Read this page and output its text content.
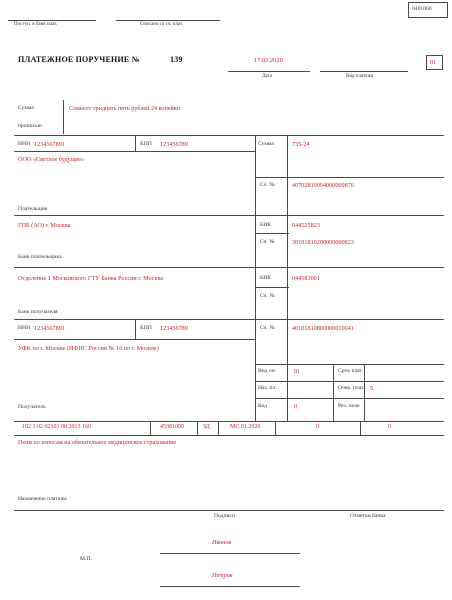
0401060
Поступ. в банк плат.	Списано со сч. плат.
ПЛАТЕЖНОЕ ПОРУЧЕНИЕ №	139	17.02.2020
Дата	Вид платежа
01
Сумма
прописью
Семьсот тридцать пять рублей 24 копейки
ИНН 1234567891	КПП 123456789	Сумма	735-24
ООО «Светлое будущее»
Сч. №	40702810094000009876
Плательщик
ГПБ (АО) г. Москва	БИК	044525823
Сч. №	30101810200000000823
Банк плательщика
Отделение 1 Московского ГТУ Банка России г. Москва	БИК	044583001
Сч. №
Банк получателя
ИНН 1234567891	КПП 123456789	Сч. №	40101810800000010041
УФК по г. Москве (ИФНС России № 16 по г. Москве)
Вид оп.	01	Срок плат.
Наз. пл.	Очер. плат. 5
Код	0	Рез. поле
Получатель
182 1 02 02101 08 2013 160	45381000	ЗД	МС.01.2020	0	0
Пени по взносам на обязательное медицинское страхование
Назначение платежа
Подписи	Отметки банка
Иванов
М.П.
Петров
